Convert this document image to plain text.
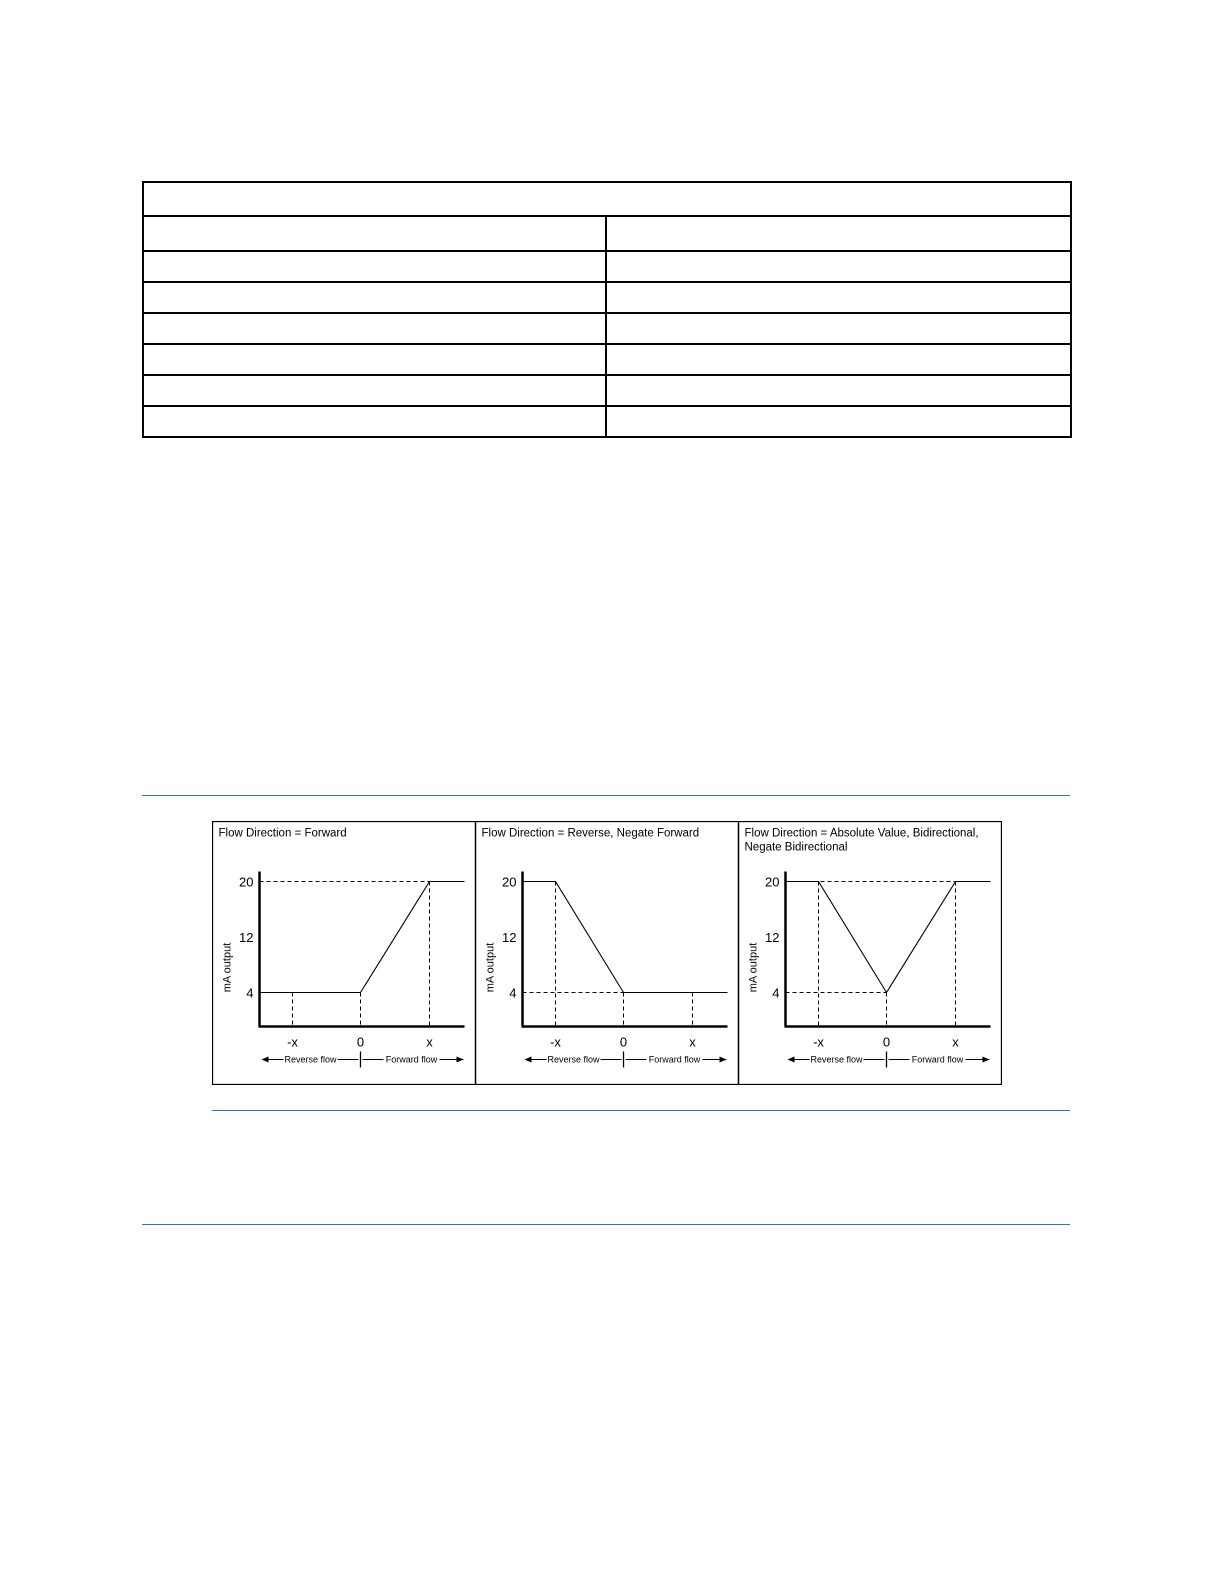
Flow Direction = Forward
mA output
4
12
20
-x	0	x
Reverse flow	Forward flow
Flow Direction = Reverse, Negate Forward
mA output
4
12
20
-x	0	x
Reverse flow	Forward flow
Flow Direction = Absolute Value, Bidirectional,
Negate Bidirectional
mA output
4
12
20
-x	0	x
Reverse flow	Forward flow
